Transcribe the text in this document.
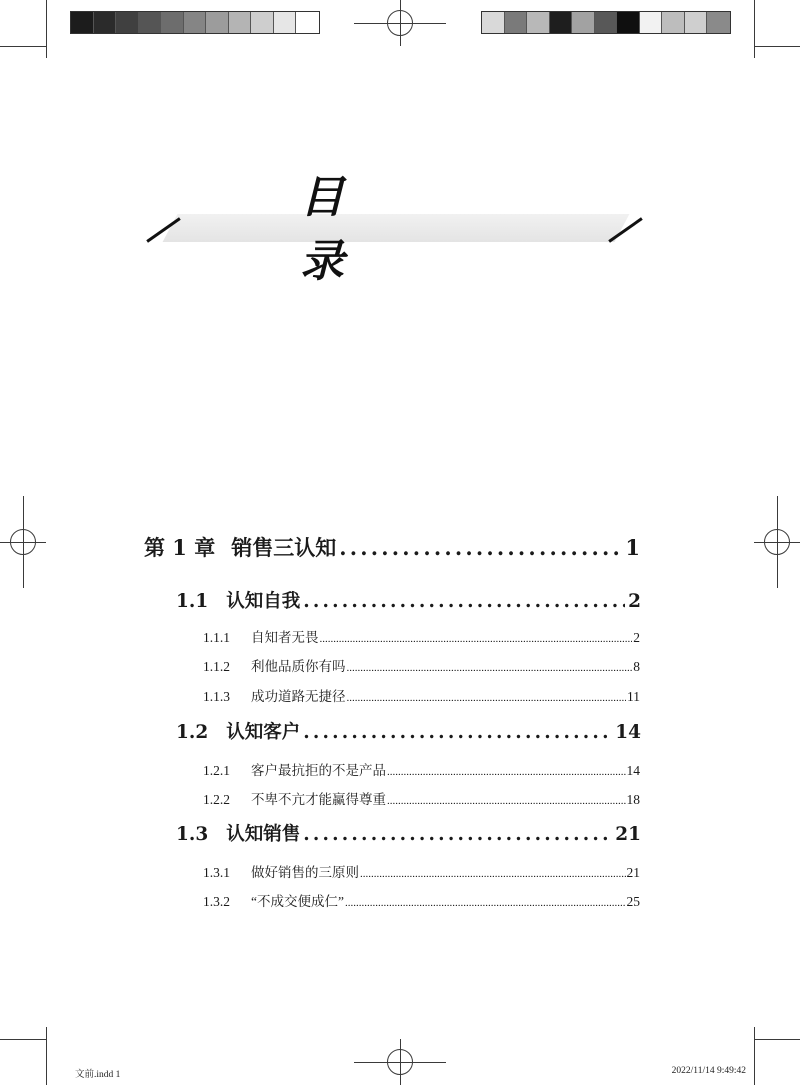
目 录
第 1 章 销售三认知 .....	1
1.1 认知自我 .....	2
1.1.1	自知者无畏 .....	2
1.1.2	利他品质你有吗 .....	8
1.1.3	成功道路无捷径 .....	11
1.2 认知客户 .....	14
1.2.1	客户最抗拒的不是产品 .....	14
1.2.2	不卑不亢才能赢得尊重 .....	18
1.3 认知销售 .....	21
1.3.1	做好销售的三原则 .....	21
1.3.2	“不成交便成仁” .....	25
文前.indd 1	2022/11/14 9:49:42
